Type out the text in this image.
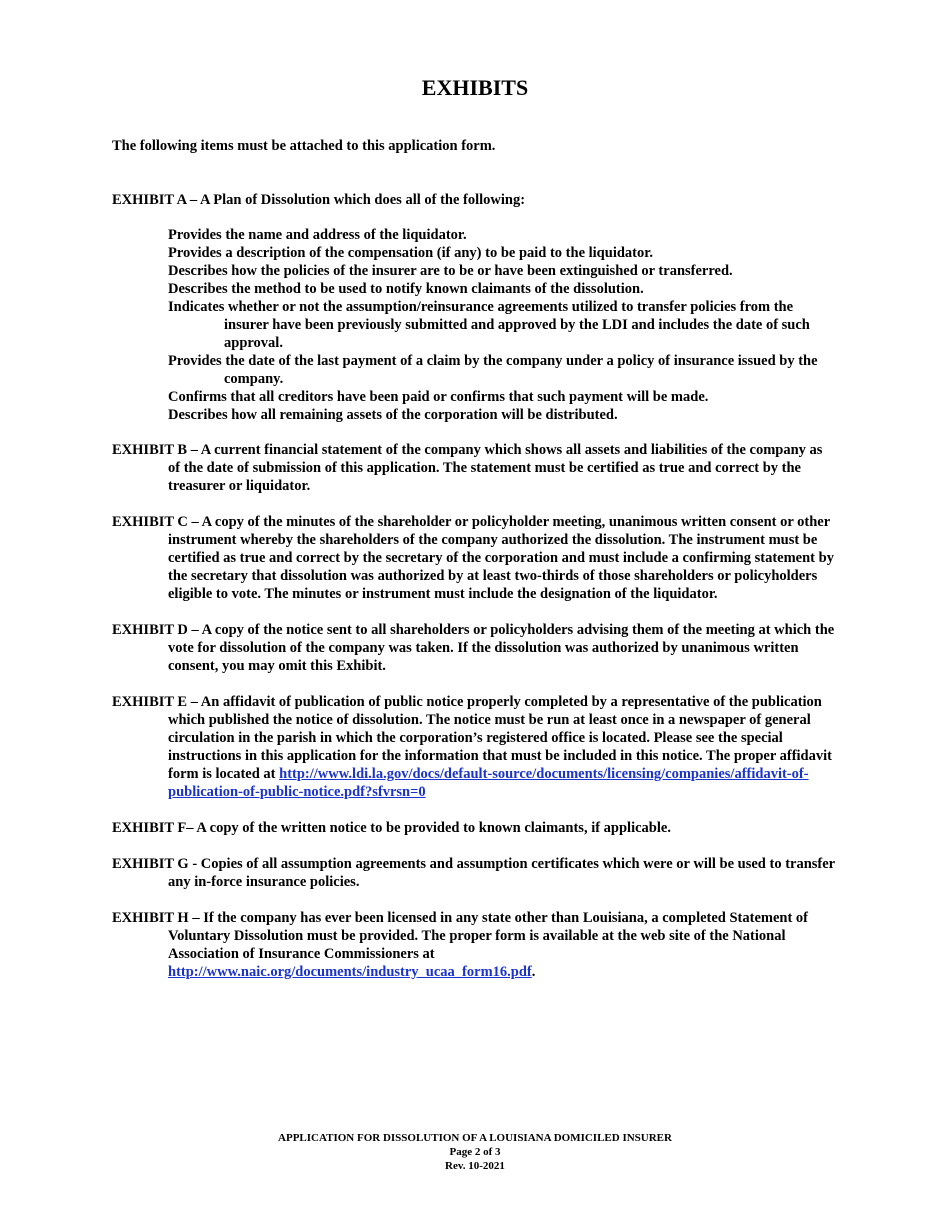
EXHIBITS
The following items must be attached to this application form.
EXHIBIT A – A Plan of Dissolution which does all of the following:

Provides the name and address of the liquidator.

Provides a description of the compensation (if any) to be paid to the liquidator.

Describes how the policies of the insurer are to be or have been extinguished or transferred.

Describes the method to be used to notify known claimants of the dissolution.

Indicates whether or not the assumption/reinsurance agreements utilized to transfer policies from the insurer have been previously submitted and approved by the LDI and includes the date of such approval.

Provides the date of the last payment of a claim by the company under a policy of insurance issued by the company.

Confirms that all creditors have been paid or confirms that such payment will be made.

Describes how all remaining assets of the corporation will be distributed.

EXHIBIT B – A current financial statement of the company which shows all assets and liabilities of the company as of the date of submission of this application. The statement must be certified as true and correct by the treasurer or liquidator.

EXHIBIT C – A copy of the minutes of the shareholder or policyholder meeting, unanimous written consent or other instrument whereby the shareholders of the company authorized the dissolution. The instrument must be certified as true and correct by the secretary of the corporation and must include a confirming statement by the secretary that dissolution was authorized by at least two-thirds of those shareholders or policyholders eligible to vote. The minutes or instrument must include the designation of the liquidator.

EXHIBIT D – A copy of the notice sent to all shareholders or policyholders advising them of the meeting at which the vote for dissolution of the company was taken. If the dissolution was authorized by unanimous written consent, you may omit this Exhibit.

EXHIBIT E – An affidavit of publication of public notice properly completed by a representative of the publication which published the notice of dissolution. The notice must be run at least once in a newspaper of general circulation in the parish in which the corporation’s registered office is located. Please see the special instructions in this application for the information that must be included in this notice. The proper affidavit form is located at http://www.ldi.la.gov/docs/default-source/documents/licensing/companies/affidavit-of-publication-of-public-notice.pdf?sfvrsn=0

EXHIBIT F– A copy of the written notice to be provided to known claimants, if applicable.

EXHIBIT G - Copies of all assumption agreements and assumption certificates which were or will be used to transfer any in-force insurance policies.

EXHIBIT H – If the company has ever been licensed in any state other than Louisiana, a completed Statement of Voluntary Dissolution must be provided. The proper form is available at the web site of the National Association of Insurance Commissioners at
http://www.naic.org/documents/industry_ucaa_form16.pdf.

APPLICATION FOR DISSOLUTION OF A LOUISIANA DOMICILED INSURER
Page 2 of 3
Rev. 10-2021
